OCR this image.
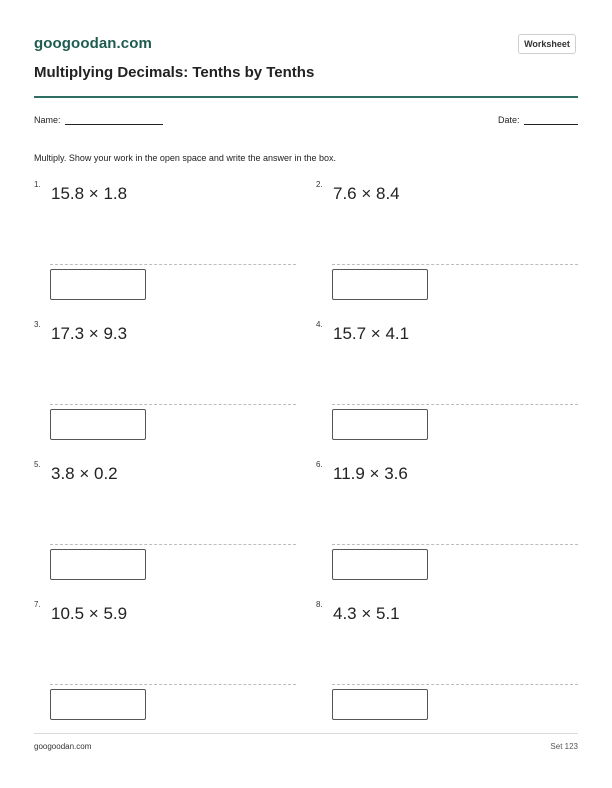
googoodan.com	Worksheet
Multiplying Decimals: Tenths by Tenths
Name:	Date:
Multiply. Show your work in the open space and write the answer in the box.
1. 15.8 × 1.8	2. 7.6 × 8.4
3. 17.3 × 9.3	4. 15.7 × 4.1
5. 3.8 × 0.2	6. 11.9 × 3.6
7. 10.5 × 5.9	8. 4.3 × 5.1
googoodan.com	Set 123
